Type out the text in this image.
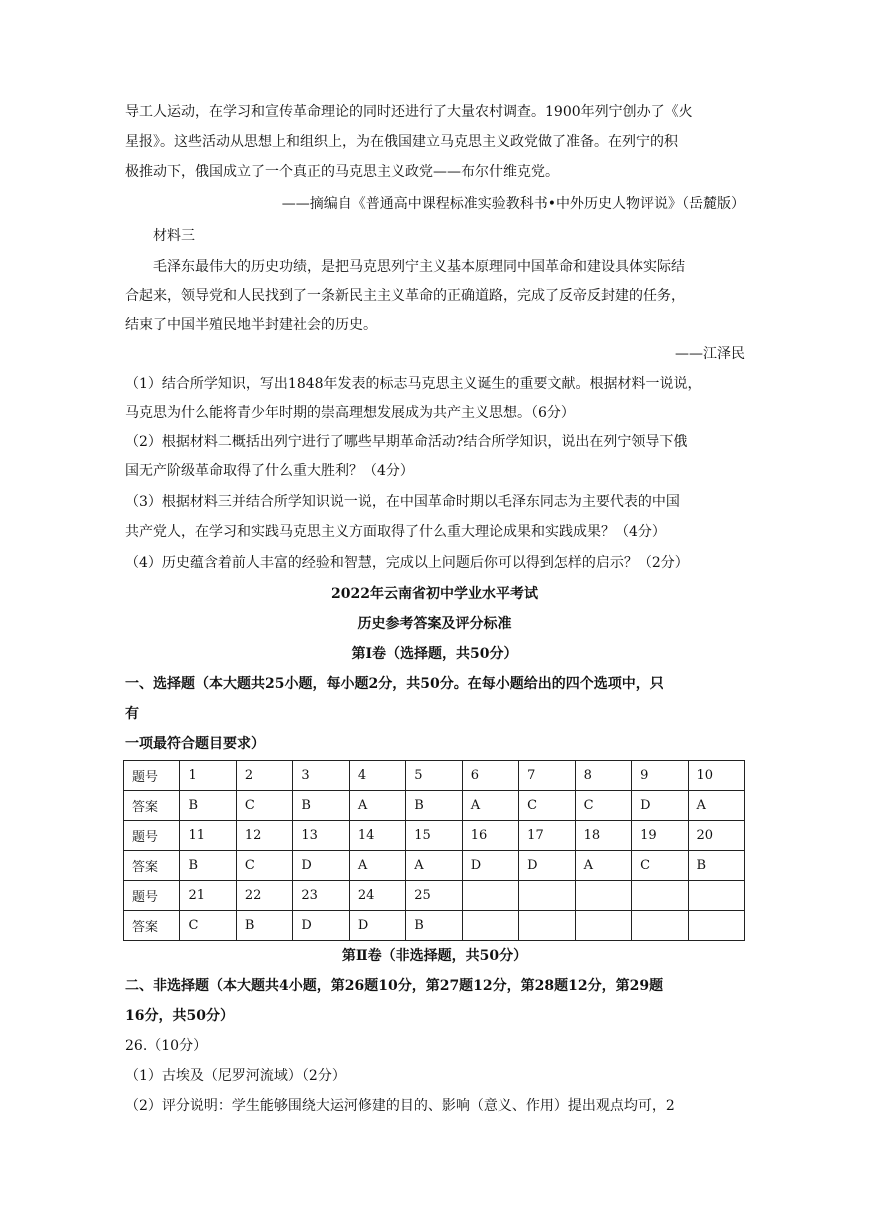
导工人运动，在学习和宣传革命理论的同时还进行了大量农村调查。1900年列宁创办了《火
星报》。这些活动从思想上和组织上，为在俄国建立马克思主义政党做了准备。在列宁的积
极推动下，俄国成立了一个真正的马克思主义政党——布尔什维克党。
——摘编自《普通高中课程标准实验教科书•中外历史人物评说》（岳麓版）
材料三
毛泽东最伟大的历史功绩，是把马克思列宁主义基本原理同中国革命和建设具体实际结
合起来，领导党和人民找到了一条新民主主义革命的正确道路，完成了反帝反封建的任务，
结束了中国半殖民地半封建社会的历史。
——江泽民
（1）结合所学知识，写出1848年发表的标志马克思主义诞生的重要文献。根据材料一说说，
马克思为什么能将青少年时期的崇高理想发展成为共产主义思想。（6分）
（2）根据材料二概括出列宁进行了哪些早期革命活动?结合所学知识，说出在列宁领导下俄
国无产阶级革命取得了什么重大胜利？（4分）
（3）根据材料三并结合所学知识说一说，在中国革命时期以毛泽东同志为主要代表的中国
共产党人，在学习和实践马克思主义方面取得了什么重大理论成果和实践成果？（4分）
（4）历史蕴含着前人丰富的经验和智慧，完成以上问题后你可以得到怎样的启示？（2分）
2022年云南省初中学业水平考试
历史参考答案及评分标准
第Ⅰ卷（选择题，共50分）
一、选择题（本大题共25小题，每小题2分，共50分。在每小题给出的四个选项中，只
有
一项最符合题目要求）
题号	1	2	3	4	5	6	7	8	9	10
答案	B	C	B	A	B	A	C	C	D	A
题号	11	12	13	14	15	16	17	18	19	20
答案	B	C	D	A	A	D	D	A	C	B
题号	21	22	23	24	25					
答案	C	B	D	D	B					
第Ⅱ卷（非选择题，共50分）
二、非选择题（本大题共4小题，第26题10分，第27题12分，第28题12分，第29题
16分，共50分）
26.（10分）
（1）古埃及（尼罗河流域）（2分）
（2）评分说明：学生能够围绕大运河修建的目的、影响（意义、作用）提出观点均可，2
